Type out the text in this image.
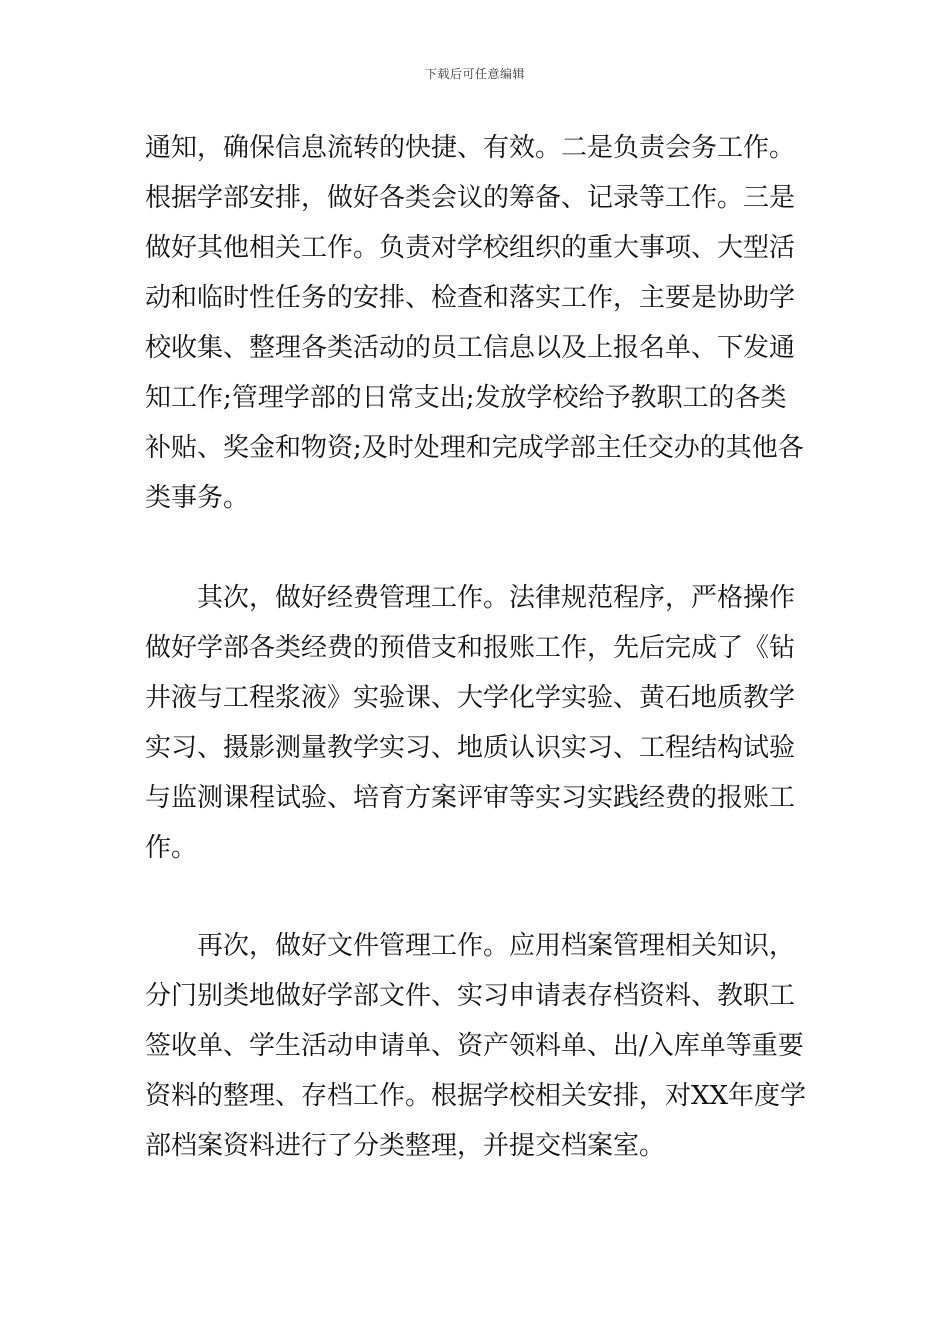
下载后可任意编辑
通知，确保信息流转的快捷、有效。二是负责会务工作。
根据学部安排，做好各类会议的筹备、记录等工作。三是
做好其他相关工作。负责对学校组织的重大事项、大型活
动和临时性任务的安排、检查和落实工作，主要是协助学
校收集、整理各类活动的员工信息以及上报名单、下发通
知工作;管理学部的日常支出;发放学校给予教职工的各类
补贴、奖金和物资;及时处理和完成学部主任交办的其他各
类事务。
其次，做好经费管理工作。法律规范程序，严格操作
做好学部各类经费的预借支和报账工作，先后完成了《钻
井液与工程浆液》实验课、大学化学实验、黄石地质教学
实习、摄影测量教学实习、地质认识实习、工程结构试验
与监测课程试验、培育方案评审等实习实践经费的报账工
作。
再次，做好文件管理工作。应用档案管理相关知识，
分门别类地做好学部文件、实习申请表存档资料、教职工
签收单、学生活动申请单、资产领料单、出/入库单等重要
资料的整理、存档工作。根据学校相关安排，对XX年度学
部档案资料进行了分类整理，并提交档案室。
